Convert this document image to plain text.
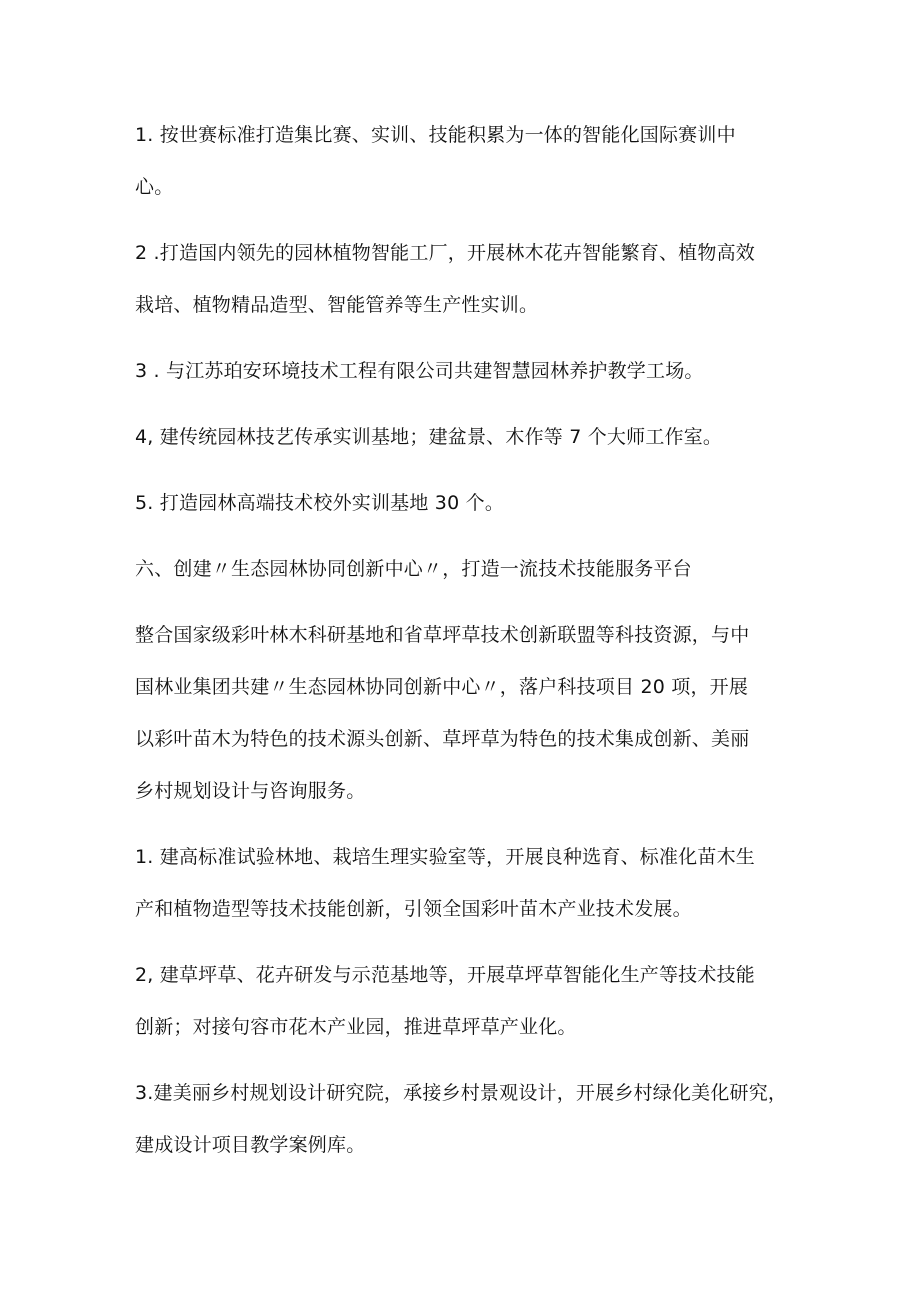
1. 按世赛标准打造集比赛、实训、技能积累为一体的智能化国际赛训中
心。

2 .打造国内领先的园林植物智能工厂，开展林木花卉智能繁育、植物高效
栽培、植物精品造型、智能管养等生产性实训。

3 . 与江苏珀安环境技术工程有限公司共建智慧园林养护教学工场。

4, 建传统园林技艺传承实训基地；建盆景、木作等 7 个大师工作室。

5. 打造园林高端技术校外实训基地 30 个。

六、创建〃生态园林协同创新中心〃，打造一流技术技能服务平台

整合国家级彩叶林木科研基地和省草坪草技术创新联盟等科技资源，与中
国林业集团共建〃生态园林协同创新中心〃，落户科技项目 20 项，开展
以彩叶苗木为特色的技术源头创新、草坪草为特色的技术集成创新、美丽
乡村规划设计与咨询服务。

1. 建高标准试验林地、栽培生理实验室等，开展良种选育、标准化苗木生
产和植物造型等技术技能创新，引领全国彩叶苗木产业技术发展。

2, 建草坪草、花卉研发与示范基地等，开展草坪草智能化生产等技术技能
创新；对接句容市花木产业园，推进草坪草产业化。

3.建美丽乡村规划设计研究院，承接乡村景观设计，开展乡村绿化美化研究，
建成设计项目教学案例库。
